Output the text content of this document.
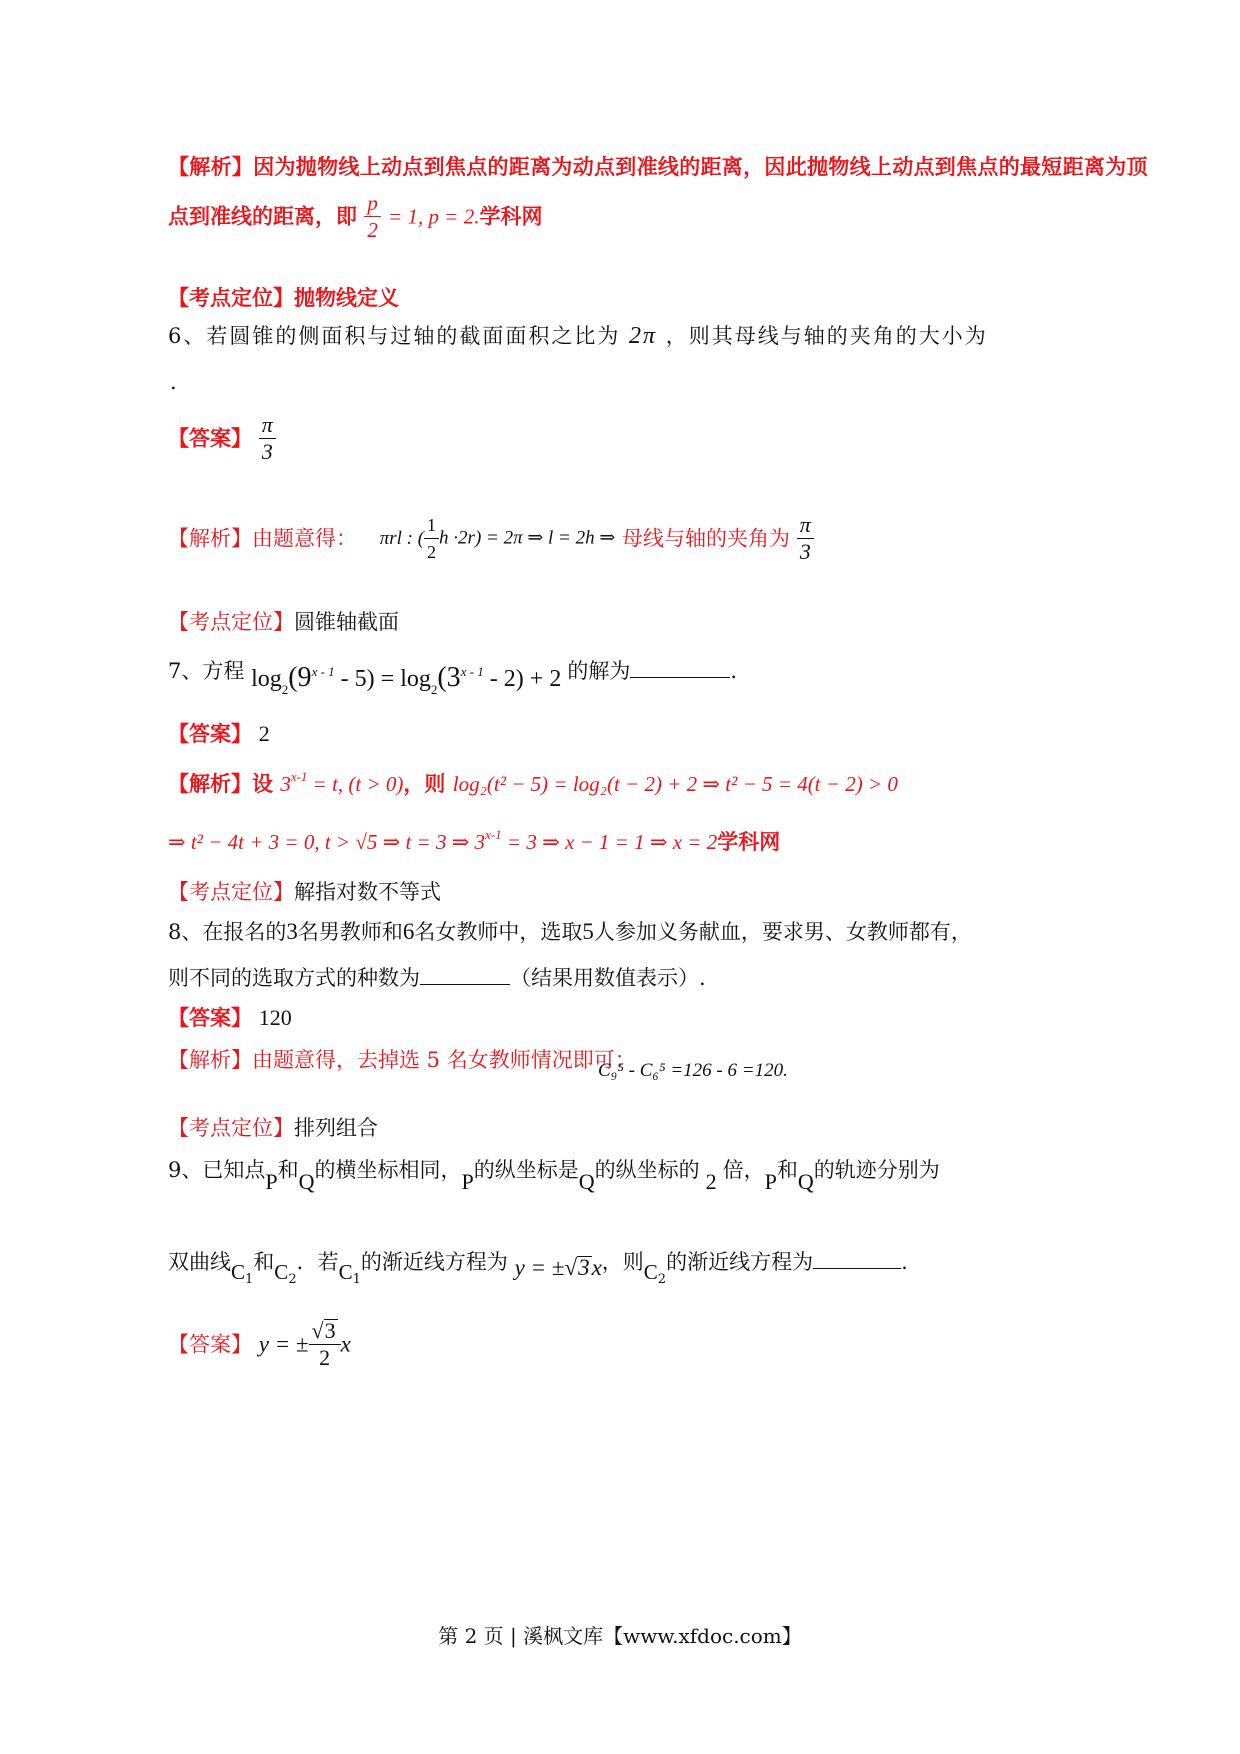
【解析】因为抛物线上动点到焦点的距离为动点到准线的距离，因此抛物线上动点到焦点的最短距离为顶
点到准线的距离，即 $\frac{p}{2} = 1$, p = 2.学科网
【考点定位】抛物线定义
6、若圆锥的侧面积与过轴的截面面积之比为 2π ，则其母线与轴的夹角的大小为
.
【答案】 $\frac{\pi}{3}$
【解析】由题意得： πrl : ( $\frac{1}{2}$ h ·2r) = 2π ⇒ l = 2h ⇒ 母线与轴的夹角为 $\frac{\pi}{3}$
【考点定位】圆锥轴截面
7、方程 $\log_2(9^{x - 1} - 5) = \log_2(3^{x - 1} - 2) + 2$ 的解为	.
【答案】 2
【解析】设 $3^{x-1} = t$, (t > 0)，则 log₂(t² − 5) = log₂(t − 2) + 2 ⇒ t² − 5 = 4(t − 2) > 0
⇒ t² − 4t + 3 = 0, t > √5 ⇒ t = 3 ⇒ $3^{x-1} = 3$ ⇒ x − 1 = 1 ⇒ x = 2学科网
【考点定位】解指对数不等式
8、在报名的3名男教师和6名女教师中，选取5人参加义务献血，要求男、女教师都有，
则不同的选取方式的种数为	（结果用数值表示）.
【答案】 120
【解析】由题意得，去掉选 5 名女教师情况即可：
C₉⁵ - C₆⁵ =126 - 6 =120.
【考点定位】排列组合
9、已知点P和Q的横坐标相同，P的纵坐标是Q的纵坐标的 2 倍，P和Q的轨迹分别为
双曲线$C_1$和$C_2$．若$C_1$的渐近线方程为 y = ±√3x，则$C_2$的渐近线方程为	.
【答案】 y = ± $\frac{√3}{2}$ x
第 2 页 | 溪枫文库【www.xfdoc.com】
